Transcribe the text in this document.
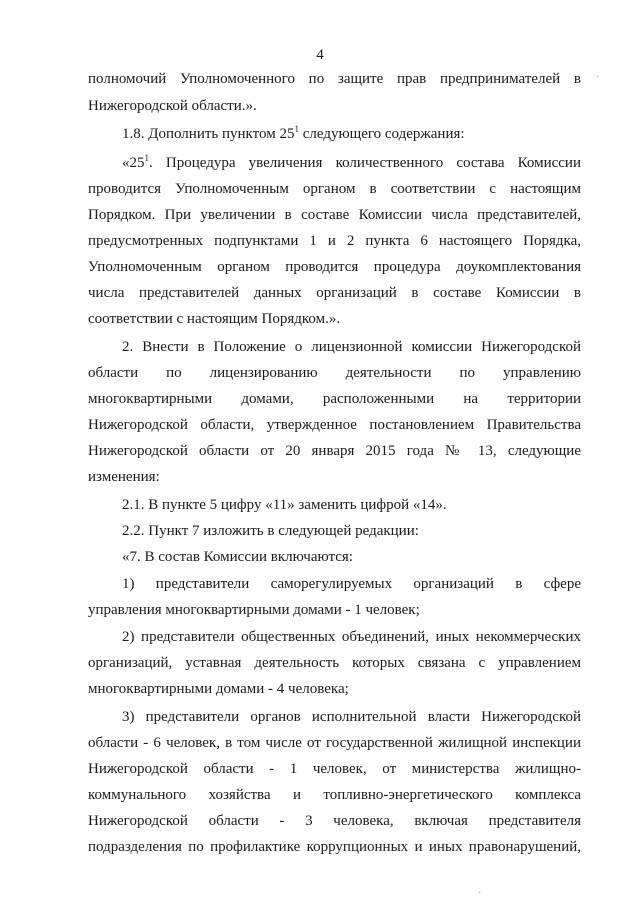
4
полномочий Уполномоченного по защите прав предпринимателей в
Нижегородской области.».
1.8. Дополнить пунктом $25^1$ следующего содержания:
«$25^1$. Процедура увеличения количественного состава Комиссии
проводится Уполномоченным органом в соответствии с настоящим
Порядком. При увеличении в составе Комиссии числа представителей,
предусмотренных подпунктами 1 и 2 пункта 6 настоящего Порядка,
Уполномоченным органом проводится процедура доукомплектования
числа представителей данных организаций в составе Комиссии в
соответствии с настоящим Порядком.».
2. Внести в Положение о лицензионной комиссии Нижегородской
области по лицензированию деятельности по управлению
многоквартирными домами, расположенными на территории
Нижегородской области, утвержденное постановлением Правительства
Нижегородской области от 20 января 2015 года № 13, следующие
изменения:
2.1. В пункте 5 цифру «11» заменить цифрой «14».
2.2. Пункт 7 изложить в следующей редакции:
«7. В состав Комиссии включаются:
1) представители саморегулируемых организаций в сфере
управления многоквартирными домами - 1 человек;
2) представители общественных объединений, иных некоммерческих
организаций, уставная деятельность которых связана с управлением
многоквартирными домами - 4 человека;
3) представители органов исполнительной власти Нижегородской
области - 6 человек, в том числе от государственной жилищной инспекции
Нижегородской области - 1 человек, от министерства жилищно-
коммунального хозяйства и топливно-энергетического комплекса
Нижегородской области - 3 человека, включая представителя
подразделения по профилактике коррупционных и иных правонарушений,
·
·
